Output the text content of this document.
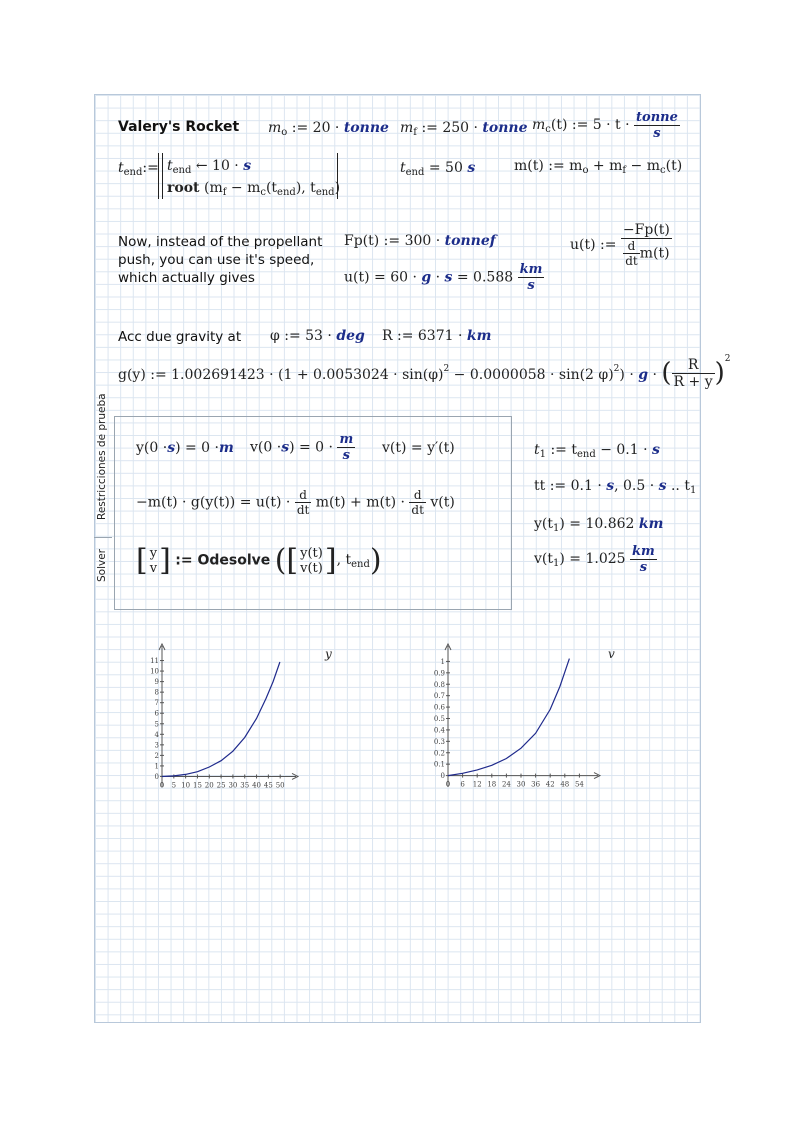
Valery's Rocket $m_o$ := 20 · tonne $m_f$ := 250 · tonne $m_c(t)$ := $5 \cdot t \cdot \frac{\text{tonne}}{s}$
$t_{end}:= t_{end}$ ← 10 · s
root ($m_f - m_c(t_{end})$, $t_{end}$)
$t_{end} = 50$ s	m(t) := $m_o + m_f - m_c(t)$
Now, instead of the propellant push, you can use it's speed, which actually gives
Fp(t) := 300 · tonnef
$u(t) = 60 \cdot g \cdot s = 0.588 \frac{km}{s}$
u(t) := $\frac{-Fp(t)}{\frac{d}{dt} m(t)}$
Acc due gravity at φ := 53 · deg R := 6371 · km
g(y) := $1.002691423 \cdot (1 + 0.0053024 \cdot \sin(\varphi)^2 - 0.0000058 \cdot \sin(2$ φ)$^2$) · g · ( $\frac{R}{R + y} )^2$
Restricciones de prueba
Solver
y(0 ·s) = 0 ·m $v(0 \cdot s) = 0 \cdot \frac{m}{s} v(t) = y'(t)$
$-m(t) \cdot g(y(t)) = u(t) \cdot \frac{d}{dt} m(t) + m(t) \cdot \frac{d}{dt} v(t)$
[ y
v ] := Odesolve ([ y(t)
v(t) ], $t_{end}$)
$t_1$ := $t_{end} - 0.1 \cdot s$
tt := 0.1 · s, 0.5 · s .. $t_1$
$y(t_1) = 10.862$ km
$v(t_1) = 1.025 \frac{km}{s}$
0 5 10 15 20 25 30 35 40 45 50
0
1
2
3
4
5
6
7
8
9
10
11
y
0 6 12 18 24 30 36 42 48 54
0
0.1
0.2
0.3
0.4
0.5
0.6
0.7
0.8
0.9
1
v
